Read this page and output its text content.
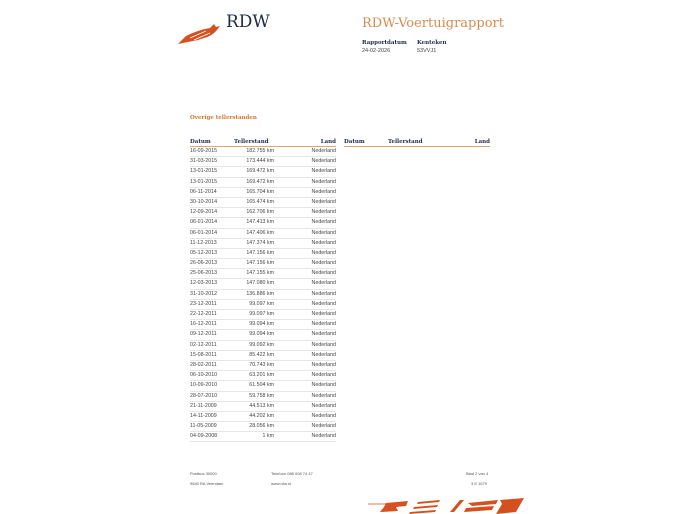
RDW	RDW-Voertuigrapport
Rapportdatum
24-02-2026
Kenteken
53VVJ1
Overige tellerstanden
Datum	Tellerstand	Land
16-09-2015	182.755 km	Nederland
31-03-2015	173.444 km	Nederland
13-01-2015	169.472 km	Nederland
13-01-2015	169.472 km	Nederland
06-11-2014	165.704 km	Nederland
30-10-2014	165.474 km	Nederland
12-09-2014	162.706 km	Nederland
06-01-2014	147.413 km	Nederland
06-01-2014	147.406 km	Nederland
11-12-2013	147.374 km	Nederland
05-12-2013	147.156 km	Nederland
26-06-2013	147.156 km	Nederland
25-06-2013	147.155 km	Nederland
12-03-2013	147.080 km	Nederland
31-10-2012	136.886 km	Nederland
23-12-2011	99.097 km	Nederland
22-12-2011	99.097 km	Nederland
16-12-2011	99.094 km	Nederland
09-12-2011	99.094 km	Nederland
02-12-2011	99.092 km	Nederland
15-08-2011	85.422 km	Nederland
28-02-2011	70.743 km	Nederland
06-10-2010	63.201 km	Nederland
10-09-2010	61.504 km	Nederland
28-07-2010	59.758 km	Nederland
21-11-2009	44.513 km	Nederland
14-11-2009	44.202 km	Nederland
11-05-2009	28.056 km	Nederland
04-09-2008	1 km	Nederland
Datum	Tellerstand	Land
Postbus 30000
9640 RA Veendam
Telefoon 088 008 74 47
www.rdw.nl
Blad 2 van 4
3 E 1679
